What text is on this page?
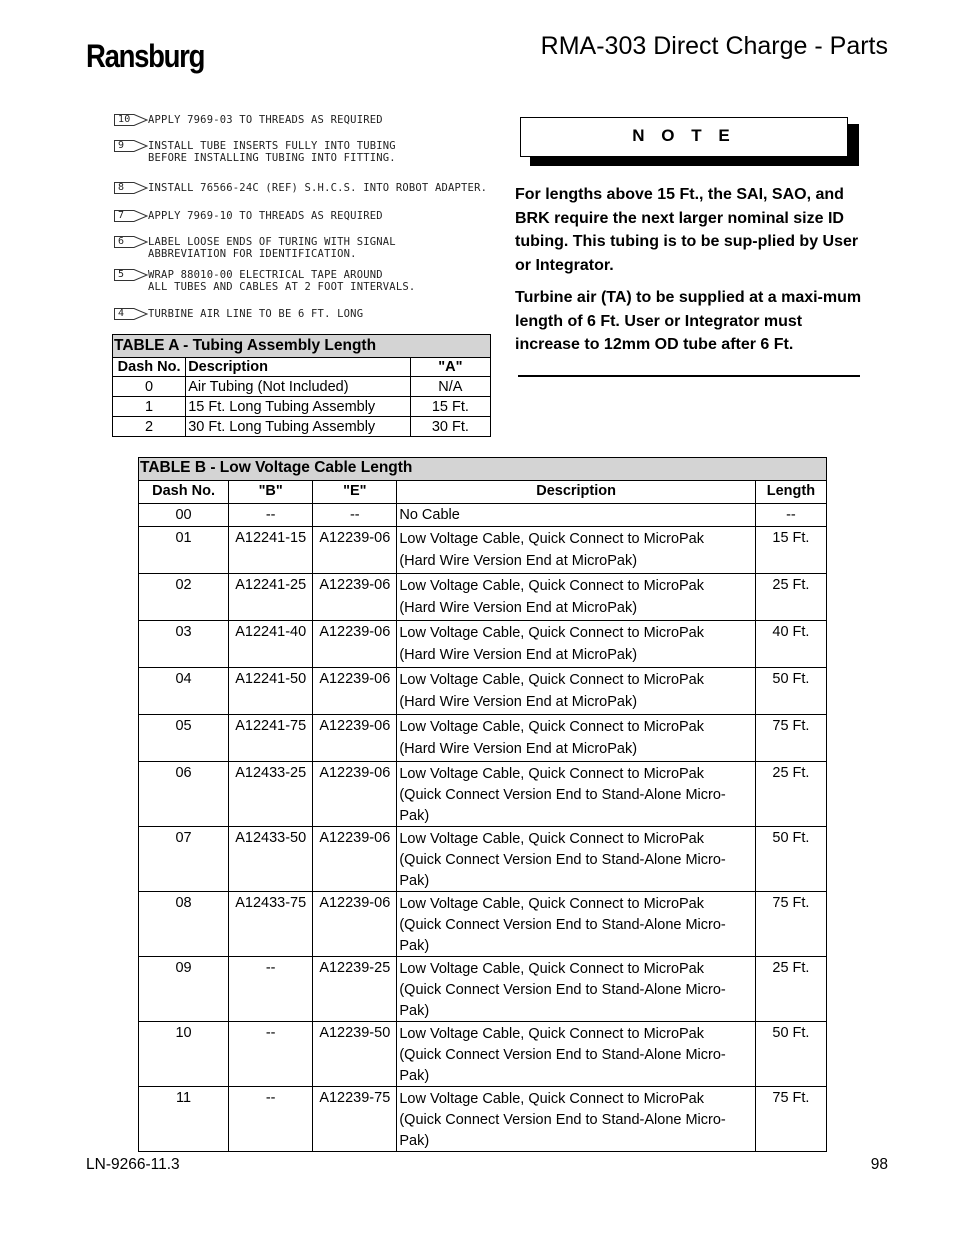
Ransburg	RMA-303 Direct Charge - Parts
10 APPLY 7969-03 TO THREADS AS REQUIRED
9 INSTALL TUBE INSERTS FULLY INTO TUBING
BEFORE INSTALLING TUBING INTO FITTING.
8 INSTALL 76566-24C (REF) S.H.C.S. INTO ROBOT ADAPTER.
7 APPLY 7969-10 TO THREADS AS REQUIRED
6 LABEL LOOSE ENDS OF TURING WITH SIGNAL
ABBREVIATION FOR IDENTIFICATION.
5 WRAP 88010-00 ELECTRICAL TAPE AROUND
ALL TUBES AND CABLES AT 2 FOOT INTERVALS.
4 TURBINE AIR LINE TO BE 6 FT. LONG
N O T E
For lengths above 15 Ft., the SAI, SAO, and BRK require the next larger nominal size ID tubing. This tubing is to be sup-plied by User or Integrator.
Turbine air (TA) to be supplied at a maxi-mum length of 6 Ft. User or Integrator must increase to 12mm OD tube after 6 Ft.
TABLE A - Tubing Assembly Length		
Dash No.	Description	"A"
0	Air Tubing (Not Included)	N/A
1	15 Ft. Long Tubing Assembly	15 Ft.
2	30 Ft. Long Tubing Assembly	30 Ft.
TABLE B - Low Voltage Cable Length				
Dash No.	"B"	"E"	Description	Length
00	--	--	No Cable	--
01	A12241-15	A12239-06	Low Voltage Cable, Quick Connect to MicroPak
(Hard Wire Version End at MicroPak)	15 Ft.
02	A12241-25	A12239-06	Low Voltage Cable, Quick Connect to MicroPak
(Hard Wire Version End at MicroPak)	25 Ft.
03	A12241-40	A12239-06	Low Voltage Cable, Quick Connect to MicroPak
(Hard Wire Version End at MicroPak)	40 Ft.
04	A12241-50	A12239-06	Low Voltage Cable, Quick Connect to MicroPak
(Hard Wire Version End at MicroPak)	50 Ft.
05	A12241-75	A12239-06	Low Voltage Cable, Quick Connect to MicroPak
(Hard Wire Version End at MicroPak)	75 Ft.
06	A12433-25	A12239-06	Low Voltage Cable, Quick Connect to MicroPak
(Quick Connect Version End to Stand-Alone Micro-
Pak)	25 Ft.
07	A12433-50	A12239-06	Low Voltage Cable, Quick Connect to MicroPak
(Quick Connect Version End to Stand-Alone Micro-
Pak)	50 Ft.
08	A12433-75	A12239-06	Low Voltage Cable, Quick Connect to MicroPak
(Quick Connect Version End to Stand-Alone Micro-
Pak)	75 Ft.
09	--	A12239-25	Low Voltage Cable, Quick Connect to MicroPak
(Quick Connect Version End to Stand-Alone Micro-
Pak)	25 Ft.
10	--	A12239-50	Low Voltage Cable, Quick Connect to MicroPak
(Quick Connect Version End to Stand-Alone Micro-
Pak)	50 Ft.
11	--	A12239-75	Low Voltage Cable, Quick Connect to MicroPak
(Quick Connect Version End to Stand-Alone Micro-
Pak)	75 Ft.
LN-9266-11.3	98
